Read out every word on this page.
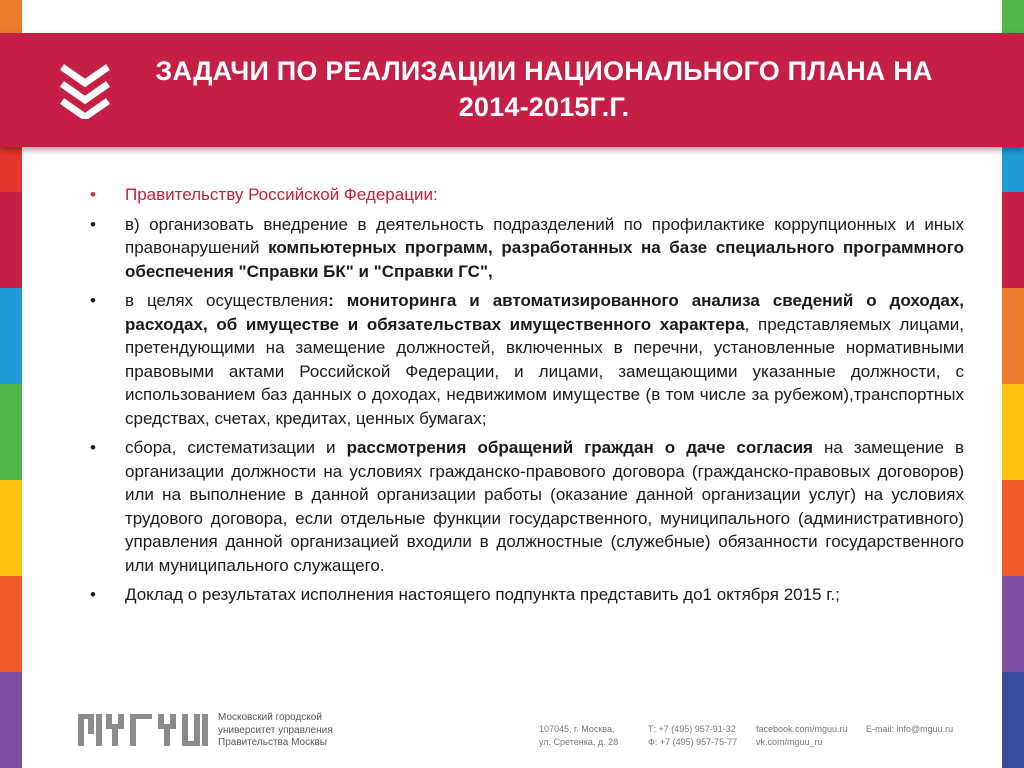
ЗАДАЧИ ПО РЕАЛИЗАЦИИ НАЦИОНАЛЬНОГО ПЛАНА НА 2014-2015Г.Г.
•	Правительству Российской Федерации:
•	в) организовать внедрение в деятельность подразделений по профилактике коррупционных и иных правонарушений компьютерных программ, разработанных на базе специального программного обеспечения "Справки БК" и "Справки ГС",
•	в целях осуществления: мониторинга и автоматизированного анализа сведений о доходах, расходах, об имуществе и обязательствах имущественного характера, представляемых лицами, претендующими на замещение должностей, включенных в перечни, установленные нормативными правовыми актами Российской Федерации, и лицами, замещающими указанные должности, с использованием баз данных о доходах, недвижимом имуществе (в том числе за рубежом),транспортных средствах, счетах, кредитах, ценных бумагах;
•	сбора, систематизации и рассмотрения обращений граждан о даче согласия на замещение в организации должности на условиях гражданско-правового договора (гражданско-правовых договоров) или на выполнение в данной организации работы (оказание данной организации услуг) на условиях трудового договора, если отдельные функции государственного, муниципального (административного) управления данной организацией входили в должностные (служебные) обязанности государственного или муниципального служащего.
•	Доклад о результатах исполнения настоящего подпункта представить до1 октября 2015 г.;
Московский городской
университет управления
Правительства Москвы
107045, г. Москва,
ул. Сретенка, д. 28
Т: +7 (495) 957-91-32
Ф: +7 (495) 957-75-77
facebook.com/mguu.ru
vk.com/mguu_ru
E-mail: info@mguu.ru
